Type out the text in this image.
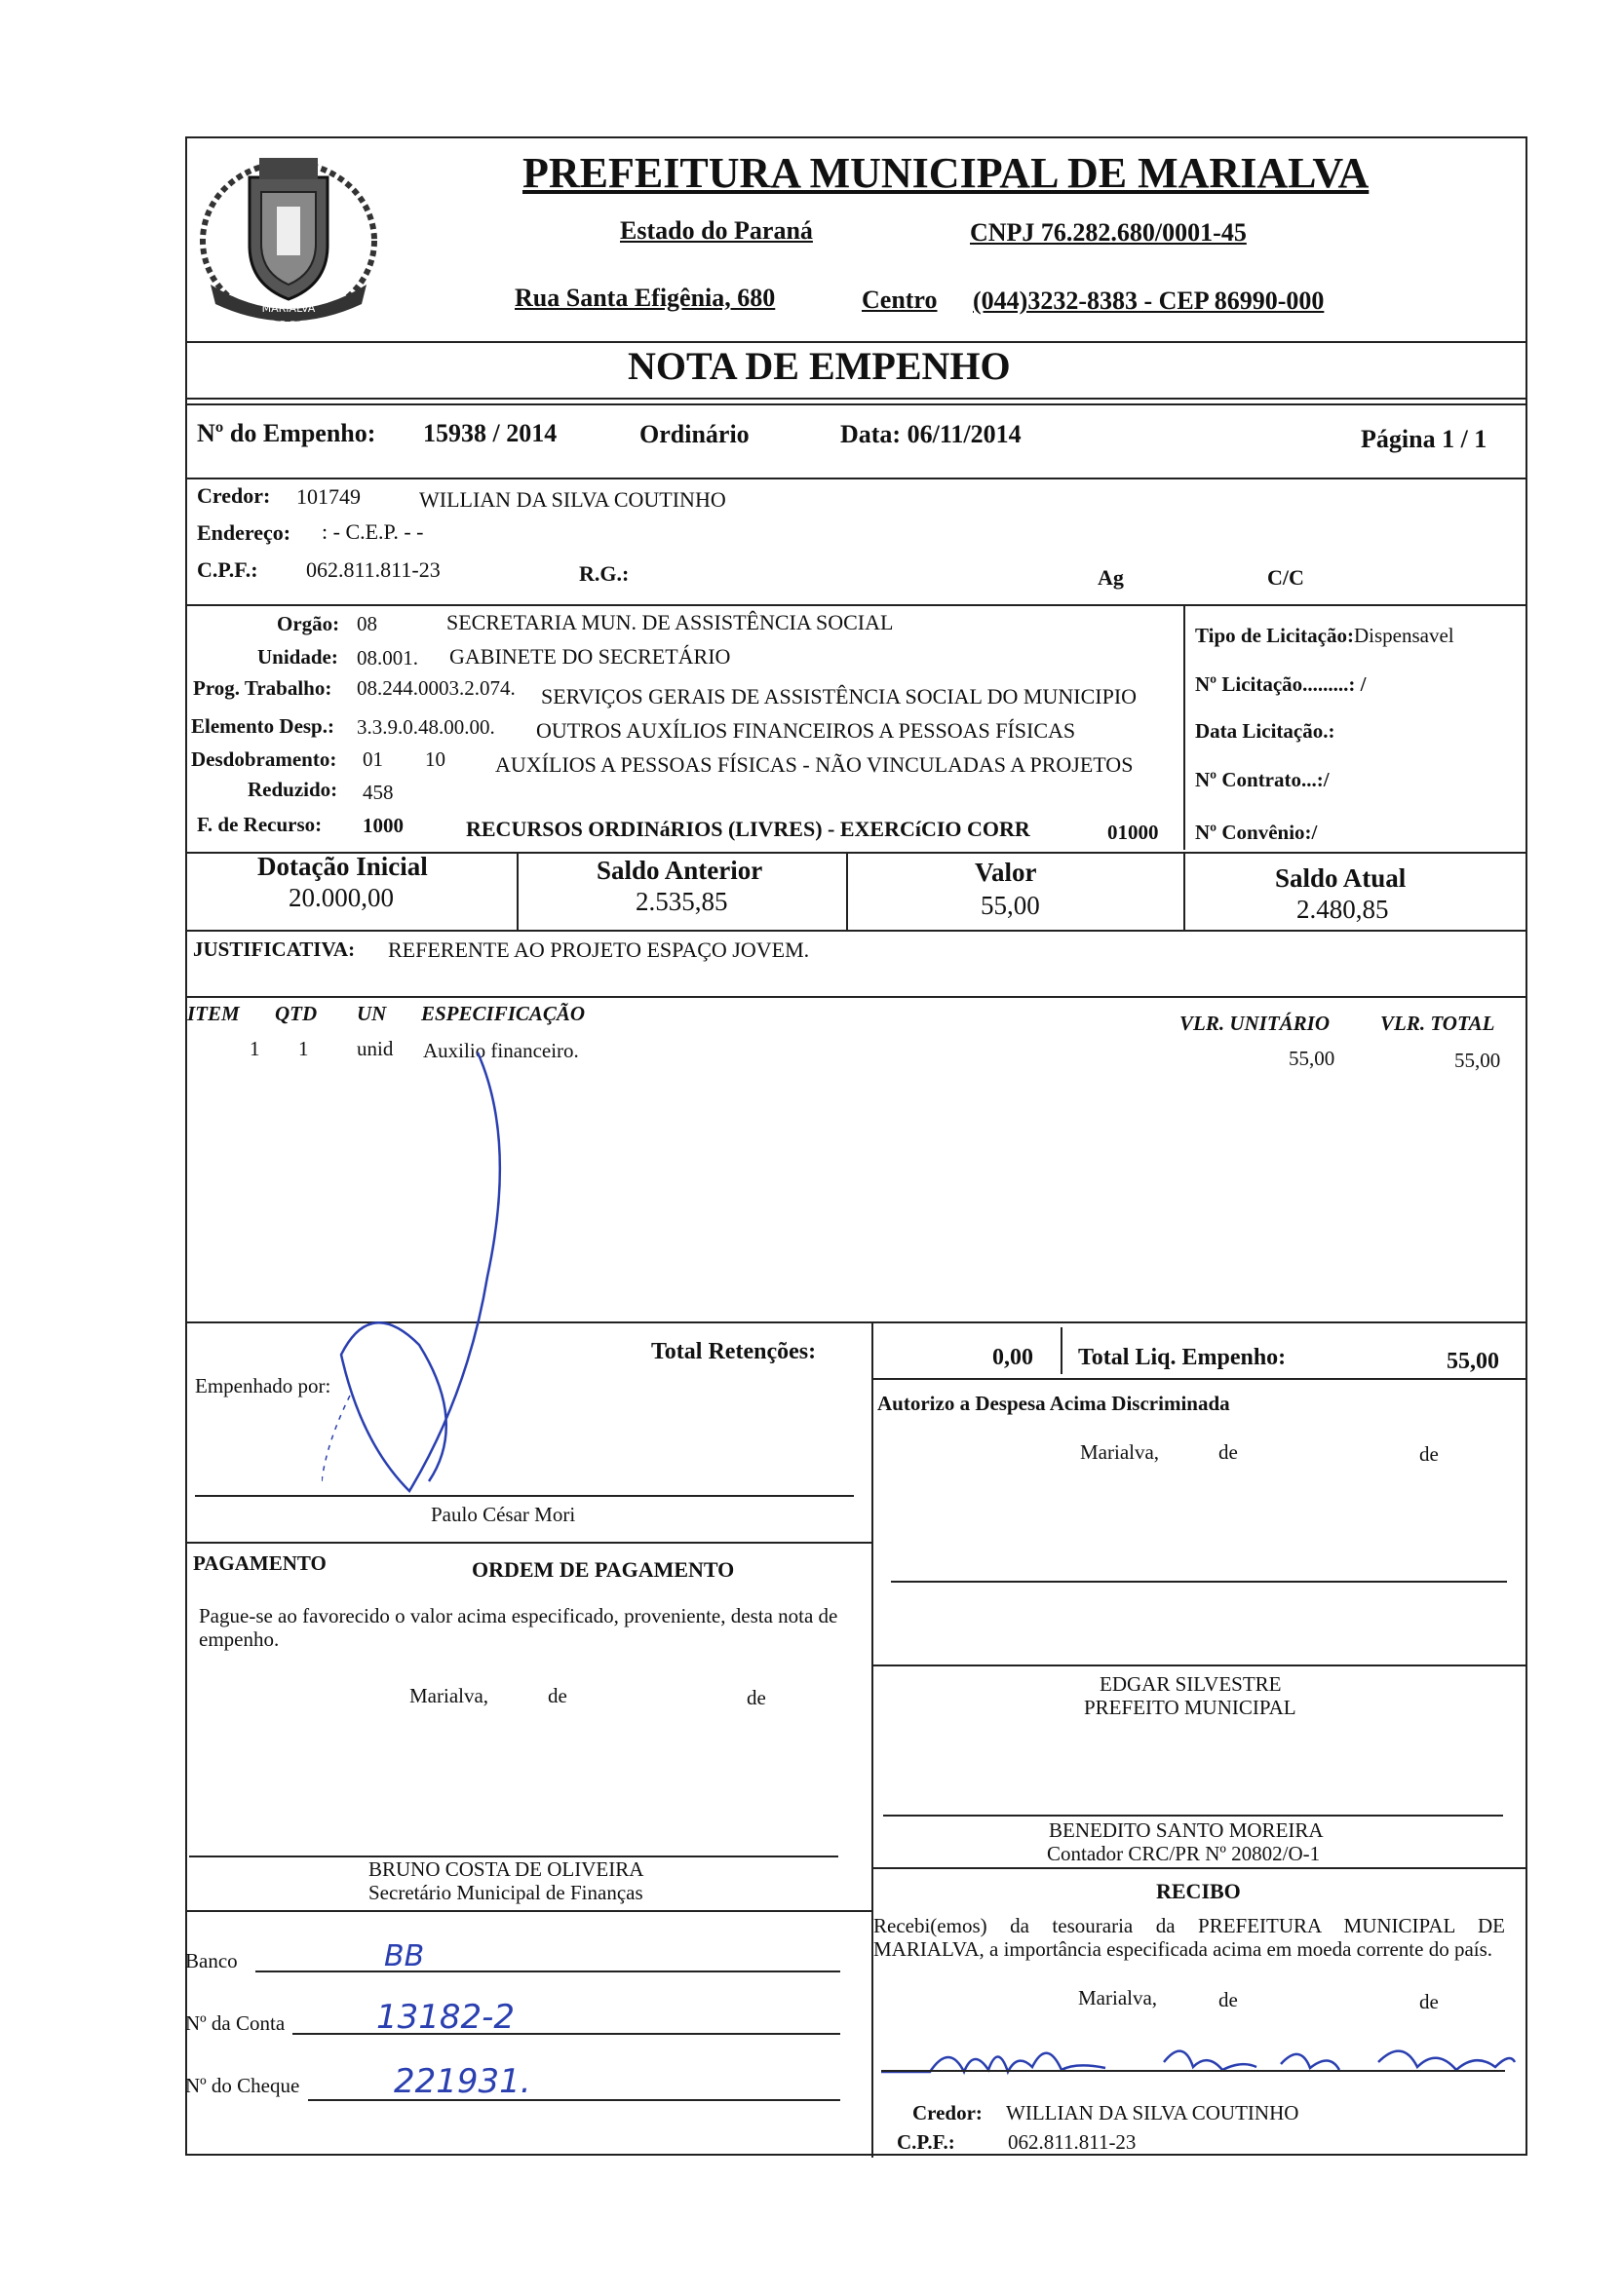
MARIALVA
PREFEITURA MUNICIPAL DE MARIALVA
Estado do Paraná	CNPJ 76.282.680/0001-45
Rua Santa Efigênia, 680	Centro (044)3232-8383 - CEP 86990-000
NOTA DE EMPENHO
Nº do Empenho: 15938 / 2014	Ordinário	Data: 06/11/2014	Página 1 / 1
Credor: 101749	WILLIAN DA SILVA COUTINHO
Endereço: : - C.E.P. - -
C.P.F.: 062.811.811-23	R.G.:	Ag	C/C
Orgão: 08	SECRETARIA MUN. DE ASSISTÊNCIA SOCIAL
Unidade: 08.001. GABINETE DO SECRETÁRIO
Prog. Trabalho: 08.244.0003.2.074. SERVIÇOS GERAIS DE ASSISTÊNCIA SOCIAL DO MUNICIPIO
Elemento Desp.: 3.3.9.0.48.00.00. OUTROS AUXÍLIOS FINANCEIROS A PESSOAS FÍSICAS
Desdobramento: 01 10 AUXÍLIOS A PESSOAS FÍSICAS - NÃO VINCULADAS A PROJETOS
Reduzido: 458
F. de Recurso: 1000	RECURSOS ORDINáRIOS (LIVRES) - EXERCíCIO CORR	01000
Tipo de Licitação:Dispensavel
Nº Licitação.........: /
Data Licitação.:
Nº Contrato...:/
Nº Convênio:/
Dotação Inicial
20.000,00
Saldo Anterior
2.535,85
Valor
55,00
Saldo Atual
2.480,85
JUSTIFICATIVA: REFERENTE AO PROJETO ESPAÇO JOVEM.
ITEM QTD UN ESPECIFICAÇÃO	VLR. UNITÁRIO VLR. TOTAL
1 1 unid Auxilio financeiro.	55,00	55,00
Total Retenções:	0,00 Total Liq. Empenho:	55,00
Empenhado por:
Paulo César Mori
Autorizo a Despesa Acima Discriminada
Marialva,	de	de
EDGAR SILVESTRE
PREFEITO MUNICIPAL
BENEDITO SANTO MOREIRA
Contador CRC/PR Nº 20802/O-1
PAGAMENTO	ORDEM DE PAGAMENTO
Pague-se ao favorecido o valor acima especificado, proveniente, desta nota de empenho.
Marialva,	de	de
BRUNO COSTA DE OLIVEIRA
Secretário Municipal de Finanças
Banco	BB
Nº da Conta	13182-2
Nº do Cheque	221931.
RECIBO
Recebi(emos) da tesouraria da PREFEITURA MUNICIPAL DE MARIALVA, a importância especificada acima em moeda corrente do país.
Marialva,	de	de
Credor: WILLIAN DA SILVA COUTINHO
C.P.F.:	062.811.811-23
